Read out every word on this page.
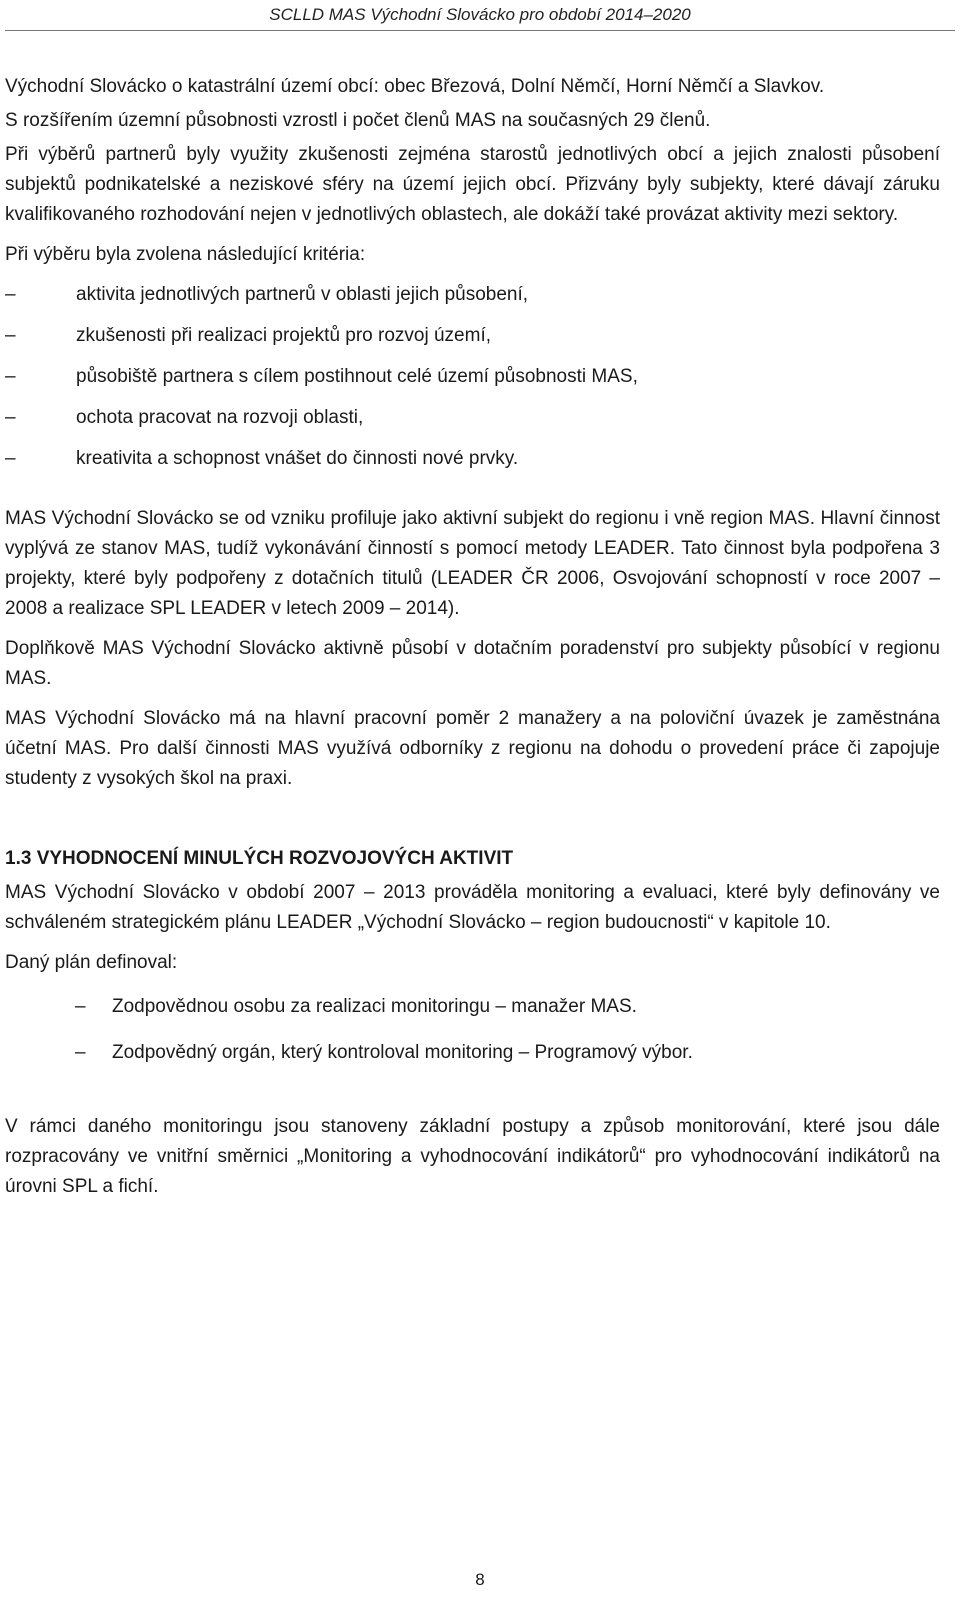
SCLLD MAS Východní Slovácko pro období 2014–2020

Východní Slovácko o katastrální území obcí: obec Březová, Dolní Němčí, Horní Němčí a Slavkov.

S rozšířením územní působnosti vzrostl i počet členů MAS na současných 29 členů.

Při výběrů partnerů byly využity zkušenosti zejména starostů jednotlivých obcí a jejich znalosti působení subjektů podnikatelské a neziskové sféry na území jejich obcí. Přizvány byly subjekty, které dávají záruku kvalifikovaného rozhodování nejen v jednotlivých oblastech, ale dokáží také provázat aktivity mezi sektory.

Při výběru byla zvolena následující kritéria:

–	aktivita jednotlivých partnerů v oblasti jejich působení,
–	zkušenosti při realizaci projektů pro rozvoj území,
–	působiště partnera s cílem postihnout celé území působnosti MAS,
–	ochota pracovat na rozvoji oblasti,
–	kreativita a schopnost vnášet do činnosti nové prvky.

MAS Východní Slovácko se od vzniku profiluje jako aktivní subjekt do regionu i vně region MAS. Hlavní činnost vyplývá ze stanov MAS, tudíž vykonávání činností s pomocí metody LEADER. Tato činnost byla podpořena 3 projekty, které byly podpořeny z dotačních titulů (LEADER ČR 2006, Osvojování schopností v roce 2007 – 2008 a realizace SPL LEADER v letech 2009 – 2014).

Doplňkově MAS Východní Slovácko aktivně působí v dotačním poradenství pro subjekty působící v regionu MAS.

MAS Východní Slovácko má na hlavní pracovní poměr 2 manažery a na poloviční úvazek je zaměstnána účetní MAS. Pro další činnosti MAS využívá odborníky z regionu na dohodu o provedení práce či zapojuje studenty z vysokých škol na praxi.

1.3 VYHODNOCENÍ MINULÝCH ROZVOJOVÝCH AKTIVIT

MAS Východní Slovácko v období 2007 – 2013 prováděla monitoring a evaluaci, které byly definovány ve schváleném strategickém plánu LEADER „Východní Slovácko – region budoucnosti“ v kapitole 10.

Daný plán definoval:

–	Zodpovědnou osobu za realizaci monitoringu – manažer MAS.
–	Zodpovědný orgán, který kontroloval monitoring – Programový výbor.

V rámci daného monitoringu jsou stanoveny základní postupy a způsob monitorování, které jsou dále rozpracovány ve vnitřní směrnici „Monitoring a vyhodnocování indikátorů“ pro vyhodnocování indikátorů na úrovni SPL a fichí.

8
